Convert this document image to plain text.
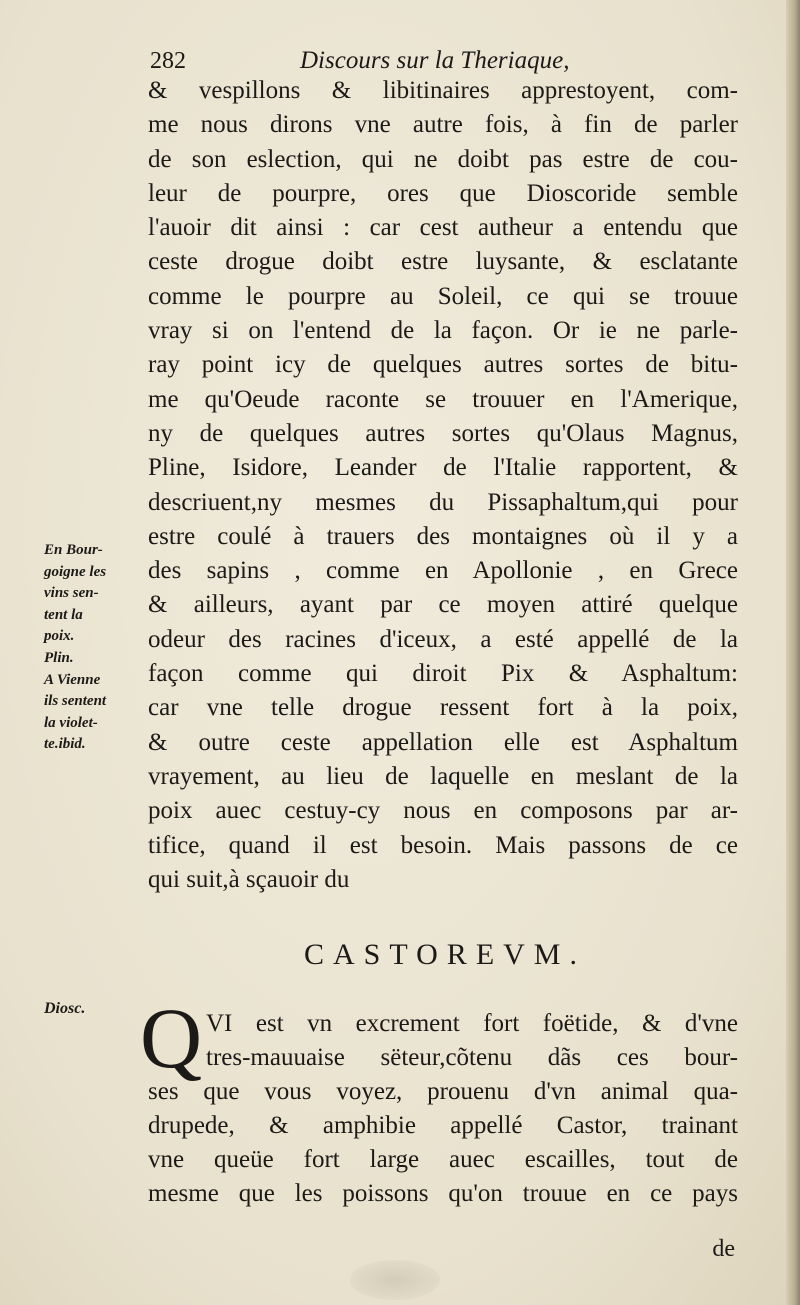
282	Discours sur la Theriaque,
& vespillons & libitinaires apprestoyent, com-
me nous dirons vne autre fois, à fin de parler
de son eslection, qui ne doibt pas estre de cou-
leur de pourpre, ores que Dioscoride semble
l'auoir dit ainsi : car cest autheur a entendu que
ceste drogue doibt estre luysante, & esclatante
comme le pourpre au Soleil, ce qui se trouue
vray si on l'entend de la façon. Or ie ne parle-
ray point icy de quelques autres sortes de bitu-
me qu'Oeude raconte se trouuer en l'Amerique,
ny de quelques autres sortes qu'Olaus Magnus,
Pline, Isidore, Leander de l'Italie rapportent, &
descriuent,ny mesmes du Pissaphaltum,qui pour
estre coulé à trauers des montaignes où il y a
des sapins , comme en Apollonie , en Grece
& ailleurs, ayant par ce moyen attiré quelque
odeur des racines d'iceux, a esté appellé de la
façon comme qui diroit Pix & Asphaltum:
car vne telle drogue ressent fort à la poix,
& outre ceste appellation elle est Asphaltum
vrayement, au lieu de laquelle en meslant de la
poix auec cestuy-cy nous en composons par ar-
tifice, quand il est besoin. Mais passons de ce
qui suit,à sçauoir du
En Bour-
goigne les
vins sen-
tent la
poix.
Plin.
A Vienne
ils sentent
la violet-
te.ibid.
CASTOREVM.
Diosc. Q VI est vn excrement fort foëtide, & d'vne
tres-mauuaise sëteur,cõtenu dãs ces bour-
ses que vous voyez, prouenu d'vn animal qua-
drupede, & amphibie appellé Castor, trainant
vne queüe fort large auec escailles, tout de
mesme que les poissons qu'on trouue en ce pays
de
